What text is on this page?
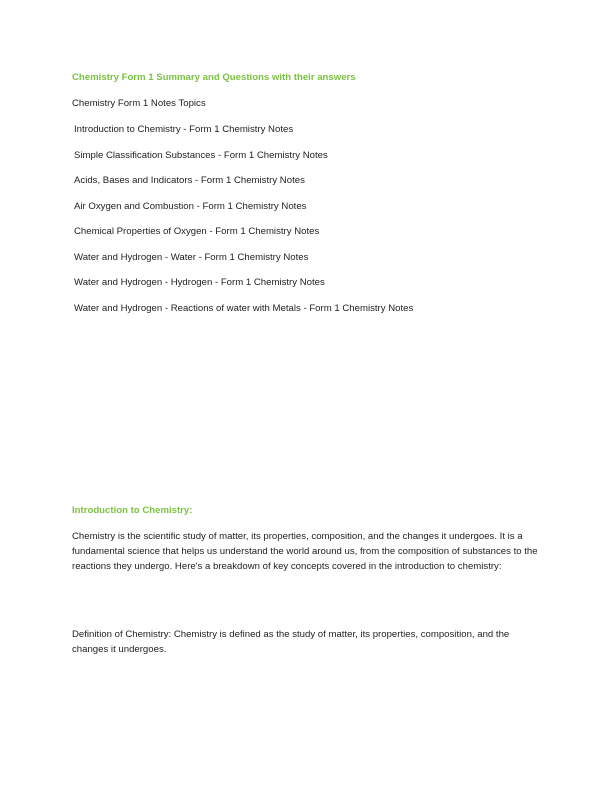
Chemistry Form 1 Summary and Questions with their answers
Chemistry Form 1 Notes Topics
Introduction to Chemistry - Form 1 Chemistry Notes
Simple Classification Substances - Form 1 Chemistry Notes
Acids, Bases and Indicators - Form 1 Chemistry Notes
Air Oxygen and Combustion - Form 1 Chemistry Notes
Chemical Properties of Oxygen - Form 1 Chemistry Notes
Water and Hydrogen - Water - Form 1 Chemistry Notes
Water and Hydrogen - Hydrogen - Form 1 Chemistry Notes
Water and Hydrogen - Reactions of water with Metals - Form 1 Chemistry Notes
Introduction to Chemistry:

Chemistry is the scientific study of matter, its properties, composition, and the changes it undergoes. It is a fundamental science that helps us understand the world around us, from the composition of substances to the reactions they undergo. Here's a breakdown of key concepts covered in the introduction to chemistry:

Definition of Chemistry: Chemistry is defined as the study of matter, its properties, composition, and the changes it undergoes.
